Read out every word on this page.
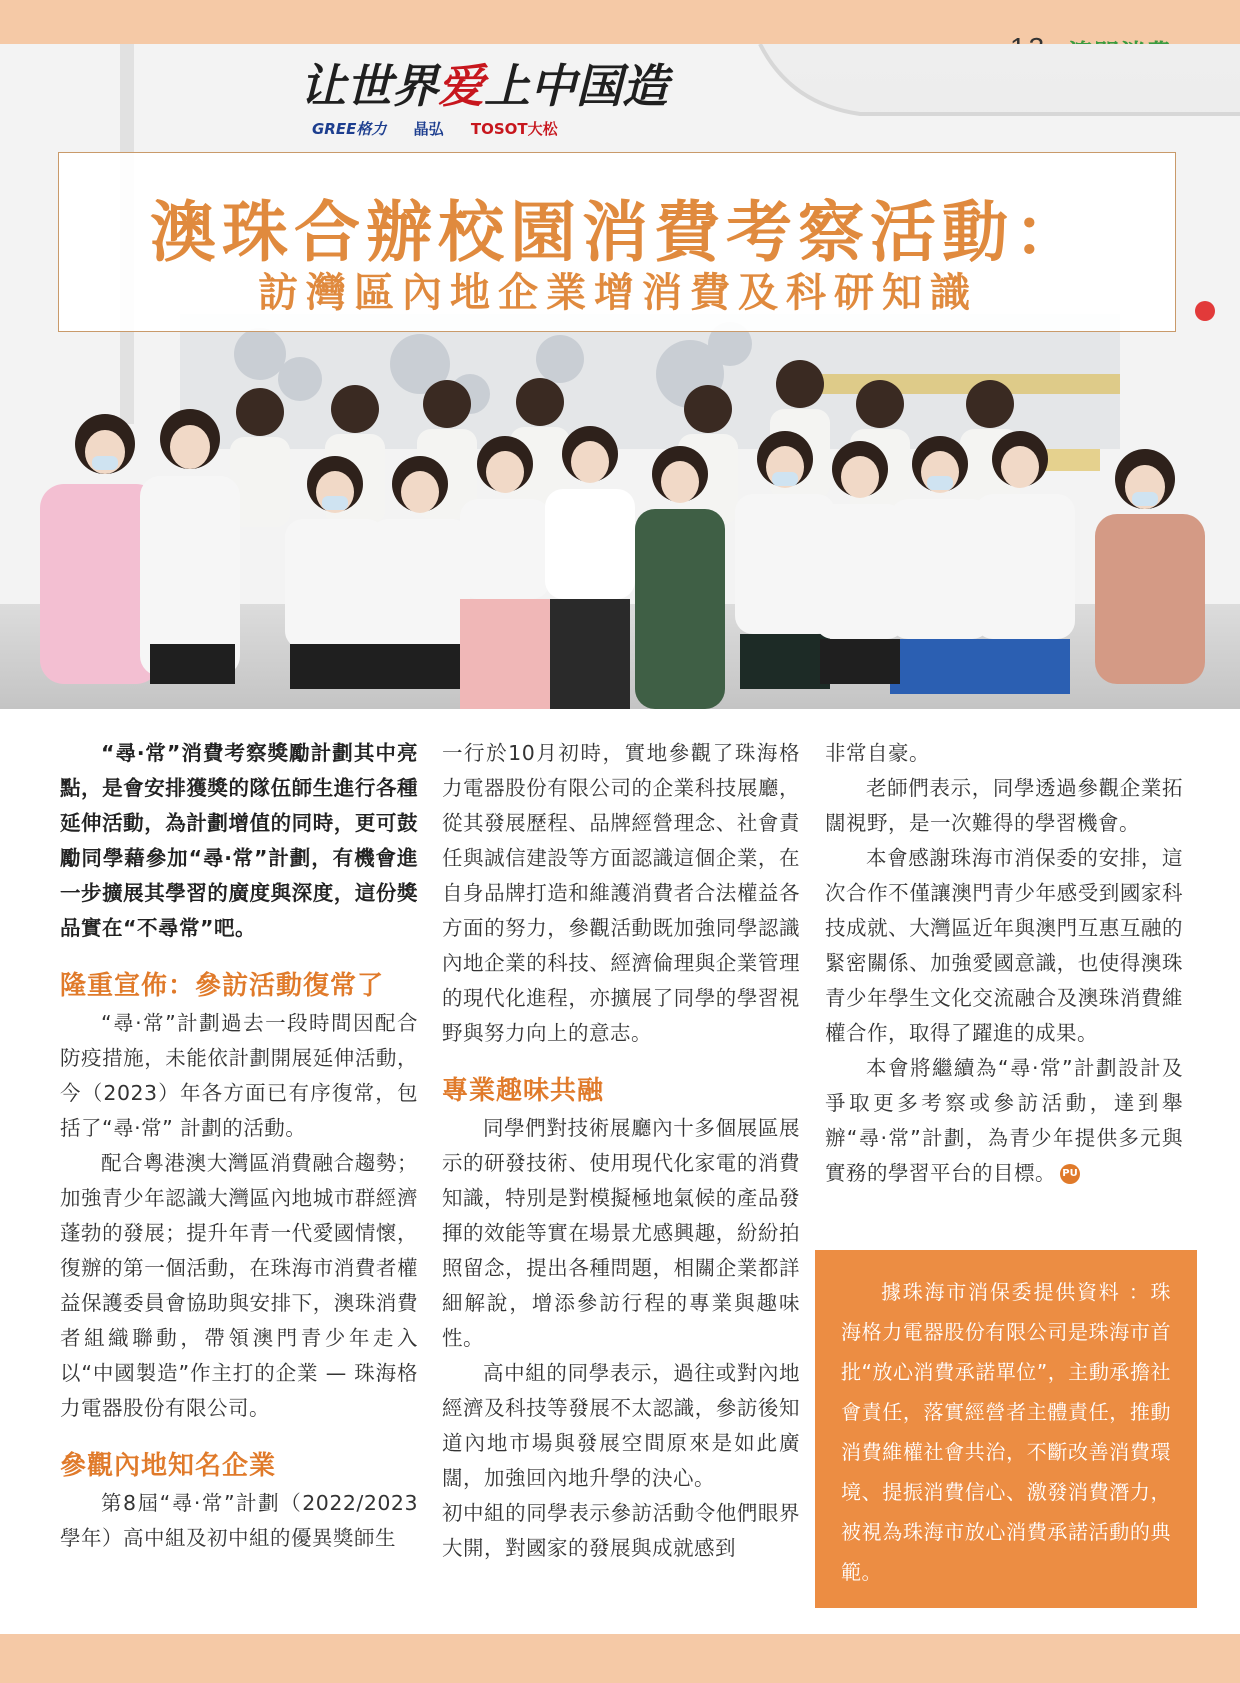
让世界爱上中国造
GREE格力 晶弘 TOSOT大松
澳珠合辦校園消費考察活動：
訪灣區內地企業增消費及科研知識

“尋‧常”消費考察獎勵計劃其中亮點，是會安排獲獎的隊伍師生進行各種延伸活動，為計劃增值的同時，更可鼓勵同學藉參加“尋‧常”計劃，有機會進一步擴展其學習的廣度與深度，這份獎品實在“不尋常”吧。

隆重宣佈：參訪活動復常了

“尋‧常”計劃過去一段時間因配合防疫措施，未能依計劃開展延伸活動，今（2023）年各方面已有序復常，包括了“尋‧常” 計劃的活動。

配合粵港澳大灣區消費融合趨勢；加強青少年認識大灣區內地城市群經濟蓬勃的發展；提升年青一代愛國情懷，復辦的第一個活動，在珠海市消費者權益保護委員會協助與安排下，澳珠消費者組織聯動，帶領澳門青少年走入以“中國製造”作主打的企業 — 珠海格力電器股份有限公司。

參觀內地知名企業

第8屆“尋‧常”計劃（2022/2023學年）高中組及初中組的優異獎師生

一行於10月初時，實地參觀了珠海格力電器股份有限公司的企業科技展廳，從其發展歷程、品牌經營理念、社會責任與誠信建設等方面認識這個企業，在自身品牌打造和維護消費者合法權益各方面的努力，參觀活動既加強同學認識內地企業的科技、經濟倫理與企業管理的現代化進程，亦擴展了同學的學習視野與努力向上的意志。

專業趣味共融

同學們對技術展廳內十多個展區展示的研發技術、使用現代化家電的消費知識，特別是對模擬極地氣候的產品發揮的效能等實在場景尤感興趣，紛紛拍照留念，提出各種問題，相關企業都詳細解說，增添參訪行程的專業與趣味性。

高中組的同學表示，過往或對內地經濟及科技等發展不太認識，參訪後知道內地市場與發展空間原來是如此廣闊，加強回內地升學的決心。

初中組的同學表示參訪活動令他們眼界大開，對國家的發展與成就感到

非常自豪。

老師們表示，同學透過參觀企業拓闊視野，是一次難得的學習機會。

本會感謝珠海市消保委的安排，這次合作不僅讓澳門青少年感受到國家科技成就、大灣區近年與澳門互惠互融的緊密關係、加強愛國意識，也使得澳珠青少年學生文化交流融合及澳珠消費維權合作，取得了躍進的成果。

本會將繼續為“尋‧常”計劃設計及爭取更多考察或參訪活動，達到舉辦“尋‧常”計劃，為青少年提供多元與實務的學習平台的目標。 PU

據珠海市消保委提供資料 ：珠海格力電器股份有限公司是珠海市首批“放心消費承諾單位”，主動承擔社會責任，落實經營者主體責任，推動消費維權社會共治，不斷改善消費環境、提振消費信心、激發消費潛力，被視為珠海市放心消費承諾活動的典範。
